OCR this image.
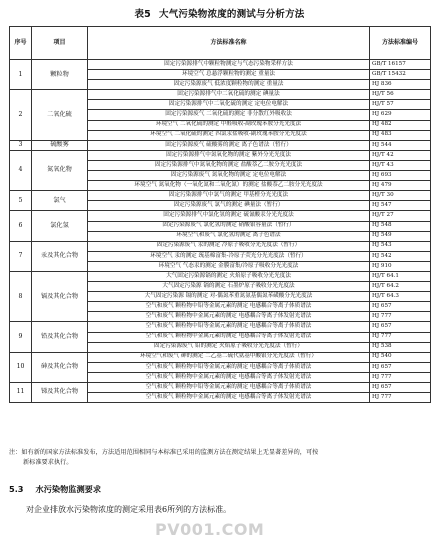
表5 大气污染物浓度的测试与分析方法
序号	项目	方法标准名称	方法标准编号
1	颗粒物	固定污染源排气中颗粒物测定与气态污染物采样方法	GB/T 16157
		环境空气 总悬浮颗粒物的测定 重量法	GB/T 15432
		固定污染源废气 低浓度颗粒物的测定 重量法	HJ 836
2	二氧化硫	固定污染源排气中二氧化硫的测定 碘量法	HJ/T 56
		固定污染源排气中二氧化硫的测定 定电位电解法	HJ/T 57
		固定污染源废气 二氧化硫的测定 非分散红外吸收法	HJ 629
		环境空气 二氧化硫的测定 甲醛吸收-副玫瑰苯胺分光光度法	HJ 482
		环境空气 二氧化硫的测定 四氯汞盐吸收-副玫瑰苯胺分光光度法	HJ 483
3	硫酸雾	固定污染源废气 硫酸雾的测定 离子色谱法（暂行）	HJ 544
4	氮氧化物	固定污染源排气中氮氧化物的测定 紫外分光光度法	HJ/T 42
		固定污染源排气中氮氧化物的测定 盐酸萘乙二胺分光光度法	HJ/T 43
		固定污染源废气 氮氧化物的测定 定电位电解法	HJ 693
		环境空气 氮氧化物（一氧化氮和二氧化氮）的测定 盐酸萘乙二胺分光光度法	HJ 479
5	氯气	固定污染源排气中氯气的测定 甲基橙分光光度法	HJ/T 30
		固定污染源废气 氯气的测定 碘量法（暂行）	HJ 547
6	氯化氢	固定污染源排气中氯化氢的测定 硫氰酸汞分光光度法	HJ/T 27
		固定污染源废气 氯化氢的测定 硝酸银容量法（暂行）	HJ 548
		环境空气和废气 氯化氢的测定 离子色谱法	HJ 549
7	汞及其化合物	固定污染源废气 汞的测定 冷原子吸收分光光度法（暂行）	HJ 543
		环境空气 汞的测定 巯基棉富集-冷原子荧光分光光度法（暂行）	HJ 542
		环境空气 气态汞的测定 金膜富集/冷原子吸收分光光度法	HJ 910
8	镉及其化合物	大气固定污染源镉的测定 火焰原子吸收分光光度法	HJ/T 64.1
		大气固定污染源 镉的测定 石墨炉原子吸收分光光度法	HJ/T 64.2
		大气固定污染源 镉的测定 对-偶氮苯重氮氨基偶氮苯磺酸分光光度法	HJ/T 64.3
		空气和废气 颗粒物中铅等金属元素的测定 电感耦合等离子体质谱法	HJ 657
		空气和废气 颗粒物中金属元素的测定 电感耦合等离子体发射光谱法	HJ 777
9	铅及其化合物	空气和废气 颗粒物中铅等金属元素的测定 电感耦合等离子体质谱法	HJ 657
		空气和废气 颗粒物中金属元素的测定 电感耦合等离子体发射光谱法	HJ 777
		固定污染源废气 铅的测定 火焰原子吸收分光光度法（暂行）	HJ 538
10	砷及其化合物	环境空气和废气 砷的测定 二乙基二硫代氨基甲酸银分光光度法（暂行）	HJ 540
		空气和废气 颗粒物中铅等金属元素的测定 电感耦合等离子体质谱法	HJ 657
		空气和废气 颗粒物中金属元素的测定 电感耦合等离子体发射光谱法	HJ 777
11	锑及其化合物	空气和废气 颗粒物中铅等金属元素的测定 电感耦合等离子体质谱法	HJ 657
		空气和废气 颗粒物中金属元素的测定 电感耦合等离子体发射光谱法	HJ 777
注：如有新的国家方法标准发布，方法适用范围相同与本标准已采用的监测方法在测定结果上无显著差异的，可按
新标准要求执行。
5.3 水污染物监测要求
对企业排放水污染物浓度的测定采用表6所列的方法标准。
PV001.COM
